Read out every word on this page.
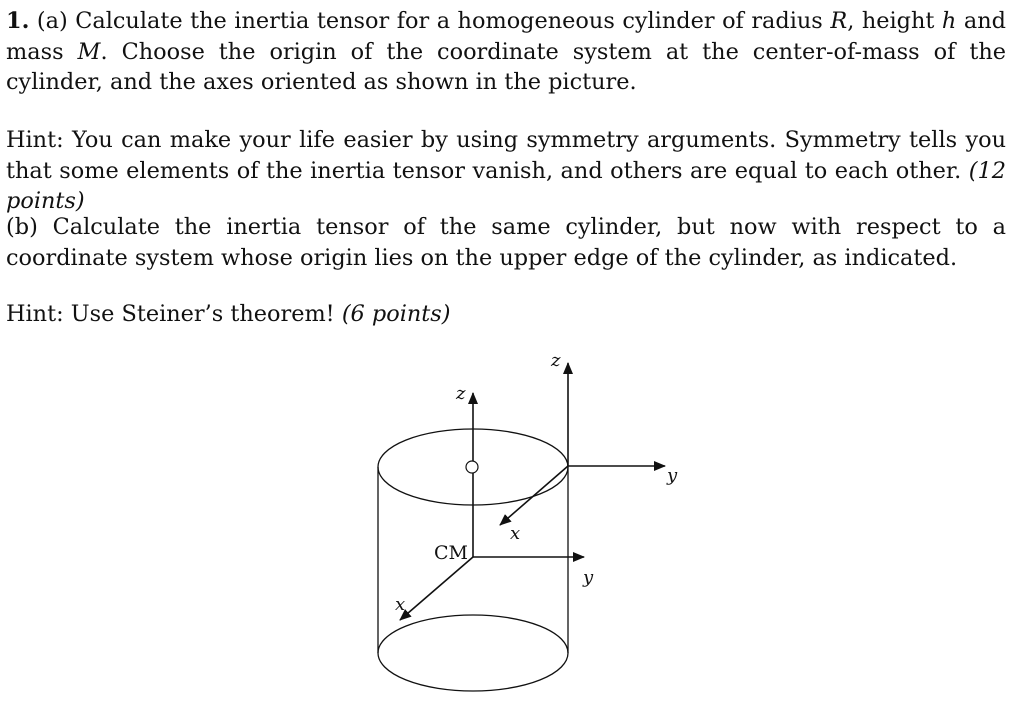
1. (a) Calculate the inertia tensor for a homogeneous cylinder of radius R, height h and mass M. Choose the origin of the coordinate system at the center-of-mass of the cylinder, and the axes oriented as shown in the picture.

Hint: You can make your life easier by using symmetry arguments. Symmetry tells you that some elements of the inertia tensor vanish, and others are equal to each other. (12 points)

(b) Calculate the inertia tensor of the same cylinder, but now with respect to a coordinate system whose origin lies on the upper edge of the cylinder, as indicated.

Hint: Use Steiner’s theorem! (6 points)

CM
z
y
x
z
y
x
